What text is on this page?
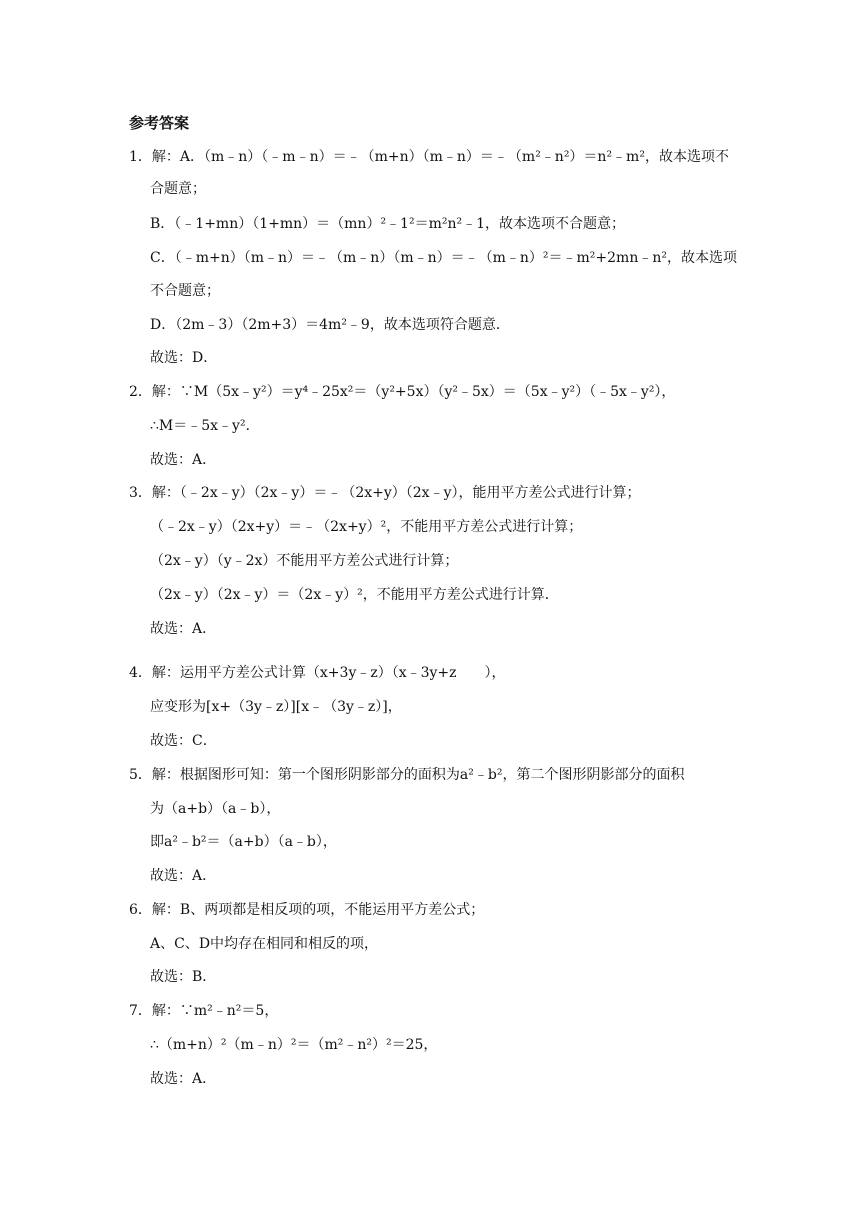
参考答案
1．解：A．（m﹣n）（﹣m﹣n）＝﹣（m+n）（m﹣n）＝﹣（m²﹣n²）＝n²﹣m²，故本选项不
合题意；
B．（﹣1+mn）（1+mn）＝（mn）²﹣1²＝m²n²﹣1，故本选项不合题意；
C．（﹣m+n）（m﹣n）＝﹣（m﹣n）（m﹣n）＝﹣（m﹣n）²＝﹣m²+2mn﹣n²，故本选项
不合题意；
D．（2m﹣3）（2m+3）＝4m²﹣9，故本选项符合题意．
故选：D．
2．解：∵M（5x﹣y²）＝y⁴﹣25x²＝（y²+5x）（y²﹣5x）＝（5x﹣y²）（﹣5x﹣y²），
∴M＝﹣5x﹣y²．
故选：A．
3．解：（﹣2x﹣y）（2x﹣y）＝﹣（2x+y）（2x﹣y），能用平方差公式进行计算；
（﹣2x﹣y）（2x+y）＝﹣（2x+y）²，不能用平方差公式进行计算；
（2x﹣y）（y﹣2x）不能用平方差公式进行计算；
（2x﹣y）（2x﹣y）＝（2x﹣y）²，不能用平方差公式进行计算．
故选：A．
4．解：运用平方差公式计算（x+3y﹣z）（x﹣3y+z　　），
应变形为[x+（3y﹣z）][x﹣（3y﹣z）]，
故选：C．
5．解：根据图形可知：第一个图形阴影部分的面积为a²﹣b²，第二个图形阴影部分的面积
为（a+b）（a﹣b），
即a²﹣b²＝（a+b）（a﹣b），
故选：A．
6．解：B、两项都是相反项的项，不能运用平方差公式；
A、C、D中均存在相同和相反的项，
故选：B．
7．解：∵m²﹣n²＝5，
∴（m+n）²（m﹣n）²＝（m²﹣n²）²＝25，
故选：A．
